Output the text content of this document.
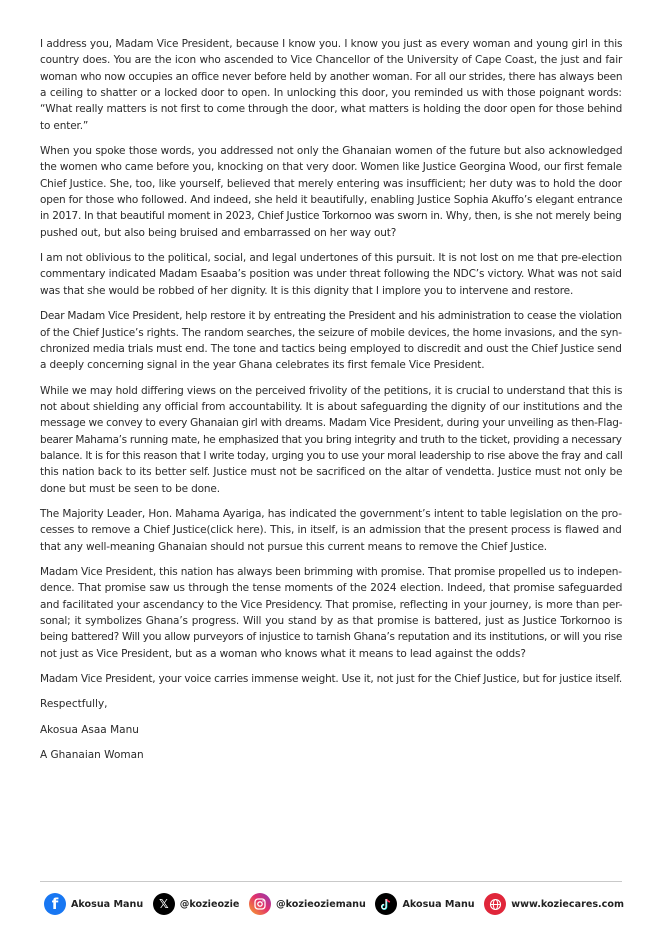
I address you, Madam Vice President, because I know you. I know you just as every woman and young girl in this
country does. You are the icon who ascended to Vice Chancellor of the University of Cape Coast, the just and fair
woman who now occupies an office never before held by another woman. For all our strides, there has always been
a ceiling to shatter or a locked door to open. In unlocking this door, you reminded us with those poignant words:
“What really matters is not first to come through the door, what matters is holding the door open for those behind
to enter.”
When you spoke those words, you addressed not only the Ghanaian women of the future but also acknowledged
the women who came before you, knocking on that very door. Women like Justice Georgina Wood, our first female
Chief Justice. She, too, like yourself, believed that merely entering was insufficient; her duty was to hold the door
open for those who followed. And indeed, she held it beautifully, enabling Justice Sophia Akuffo’s elegant entrance
in 2017. In that beautiful moment in 2023, Chief Justice Torkornoo was sworn in. Why, then, is she not merely being
pushed out, but also being bruised and embarrassed on her way out?
I am not oblivious to the political, social, and legal undertones of this pursuit. It is not lost on me that pre-election
commentary indicated Madam Esaaba’s position was under threat following the NDC’s victory. What was not said
was that she would be robbed of her dignity. It is this dignity that I implore you to intervene and restore.
Dear Madam Vice President, help restore it by entreating the President and his administration to cease the violation
of the Chief Justice’s rights. The random searches, the seizure of mobile devices, the home invasions, and the syn-
chronized media trials must end. The tone and tactics being employed to discredit and oust the Chief Justice send
a deeply concerning signal in the year Ghana celebrates its first female Vice President.
While we may hold differing views on the perceived frivolity of the petitions, it is crucial to understand that this is
not about shielding any official from accountability. It is about safeguarding the dignity of our institutions and the
message we convey to every Ghanaian girl with dreams. Madam Vice President, during your unveiling as then-Flag-
bearer Mahama’s running mate, he emphasized that you bring integrity and truth to the ticket, providing a necessary
balance. It is for this reason that I write today, urging you to use your moral leadership to rise above the fray and call
this nation back to its better self. Justice must not be sacrificed on the altar of vendetta. Justice must not only be
done but must be seen to be done.
The Majority Leader, Hon. Mahama Ayariga, has indicated the government’s intent to table legislation on the pro-
cesses to remove a Chief Justice(click here). This, in itself, is an admission that the present process is flawed and
that any well-meaning Ghanaian should not pursue this current means to remove the Chief Justice.
Madam Vice President, this nation has always been brimming with promise. That promise propelled us to indepen-
dence. That promise saw us through the tense moments of the 2024 election. Indeed, that promise safeguarded
and facilitated your ascendancy to the Vice Presidency. That promise, reflecting in your journey, is more than per-
sonal; it symbolizes Ghana’s progress. Will you stand by as that promise is battered, just as Justice Torkornoo is
being battered? Will you allow purveyors of injustice to tarnish Ghana’s reputation and its institutions, or will you rise
not just as Vice President, but as a woman who knows what it means to lead against the odds?
Madam Vice President, your voice carries immense weight. Use it, not just for the Chief Justice, but for justice itself.
Respectfully,
Akosua Asaa Manu
A Ghanaian Woman
f	Akosua Manu	𝕏	@kozieozie	@kozieoziemanu	Akosua Manu	www.koziecares.com
